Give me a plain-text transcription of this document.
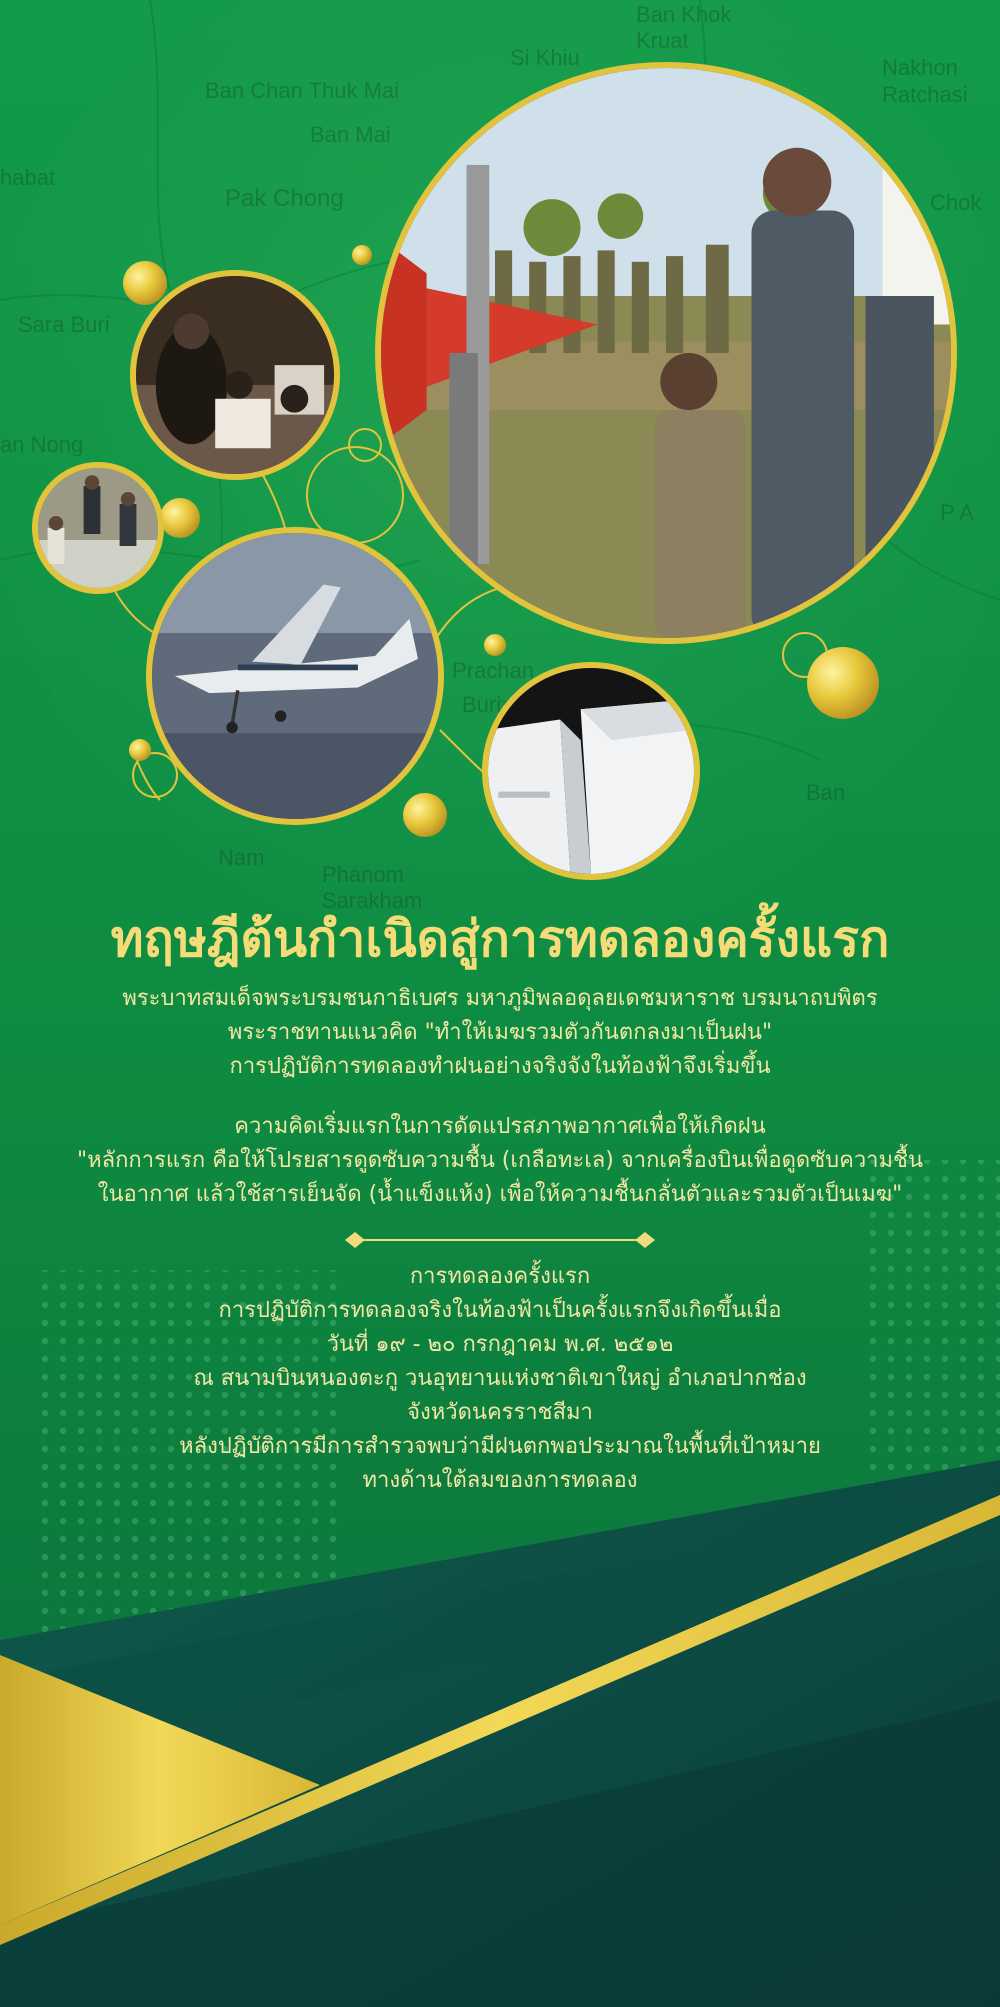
Ban Khok
Kruat
Si Khiu	Nakhon
Ratchasi
Ban Chan Thuk Mai
Ban Mai
Pak Chong	Chok
habat
Sara Buri
an Nong
Prachan
Buri
Ban
Nam
Phanom
Sarakham
P A
ทฤษฎีต้นกำเนิดสู่การทดลองครั้งแรก
พระบาทสมเด็จพระบรมชนกาธิเบศร มหาภูมิพลอดุลยเดชมหาราช บรมนาถบพิตร
พระราชทานแนวคิด "ทำให้เมฆรวมตัวกันตกลงมาเป็นฝน"
การปฏิบัติการทดลองทำฝนอย่างจริงจังในท้องฟ้าจึงเริ่มขึ้น
ความคิดเริ่มแรกในการดัดแปรสภาพอากาศเพื่อให้เกิดฝน
"หลักการแรก คือให้โปรยสารดูดซับความชื้น (เกลือทะเล) จากเครื่องบินเพื่อดูดซับความชื้น
ในอากาศ แล้วใช้สารเย็นจัด (น้ำแข็งแห้ง) เพื่อให้ความชื้นกลั่นตัวและรวมตัวเป็นเมฆ"
การทดลองครั้งแรก
การปฏิบัติการทดลองจริงในท้องฟ้าเป็นครั้งแรกจึงเกิดขึ้นเมื่อ
วันที่ ๑๙ - ๒๐ กรกฎาคม พ.ศ. ๒๕๑๒
ณ สนามบินหนองตะกู วนอุทยานแห่งชาติเขาใหญ่ อำเภอปากช่อง
จังหวัดนครราชสีมา
หลังปฏิบัติการมีการสำรวจพบว่ามีฝนตกพอประมาณในพื้นที่เป้าหมาย
ทางด้านใต้ลมของการทดลอง
